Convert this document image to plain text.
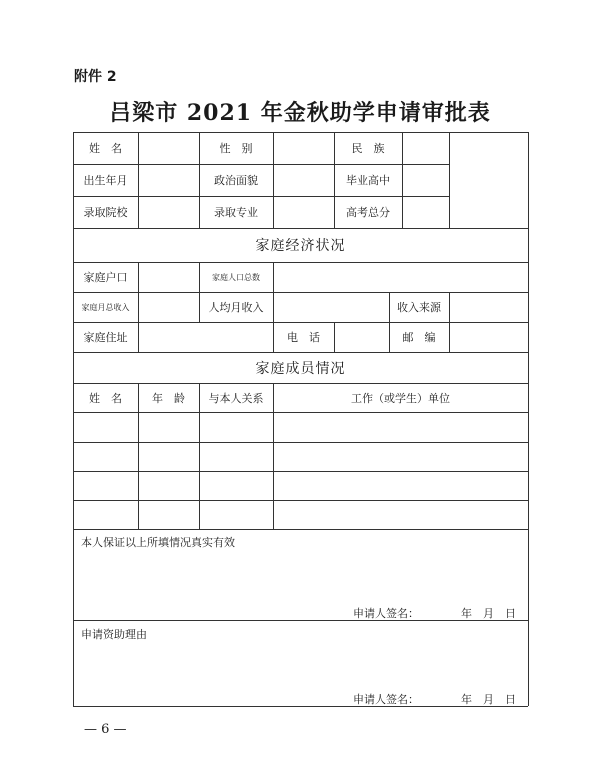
附件 2
吕梁市 2021 年金秋助学申请审批表
姓　名	性　别	民　族
出生年月	政治面貌	毕业高中
录取院校	录取专业	高考总分
家庭经济状况
家庭户口	家庭人口总数
家庭月总收入	人均月收入	收入来源
家庭住址	电　话	邮　编
家庭成员情况
姓　名	年　龄	与本人关系	工作（或学生）单位
本人保证以上所填情况真实有效
申请人签名：	年　月　日
申请资助理由
申请人签名：	年　月　日
— 6 —
